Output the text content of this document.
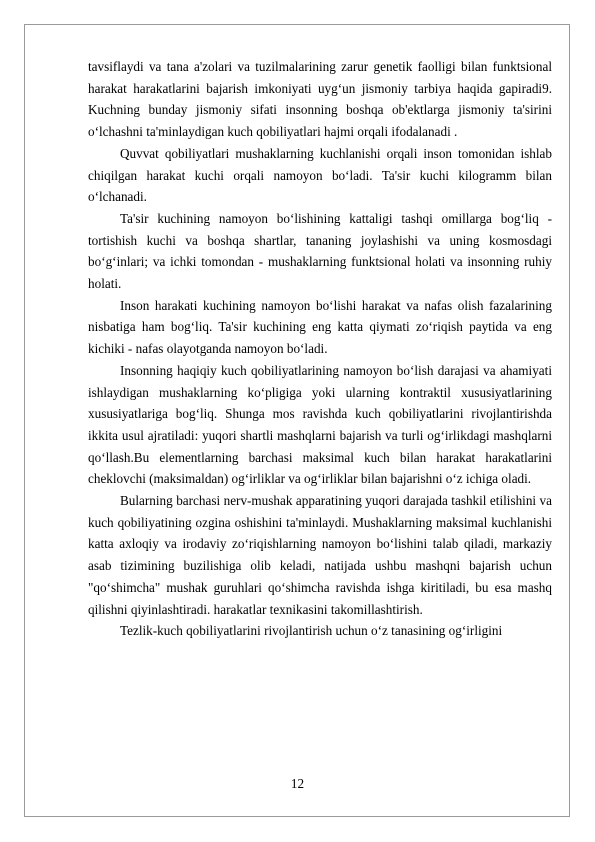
tavsiflaydi va tana a'zolari va tuzilmalarining zarur genetik faolligi bilan funktsional harakat harakatlarini bajarish imkoniyati uyg‘un jismoniy tarbiya haqida gapiradi9. Kuchning bunday jismoniy sifati insonning boshqa ob'ektlarga jismoniy ta'sirini o‘lchashni ta'minlaydigan kuch qobiliyatlari hajmi orqali ifodalanadi .

Quvvat qobiliyatlari mushaklarning kuchlanishi orqali inson tomonidan ishlab chiqilgan harakat kuchi orqali namoyon bo‘ladi. Ta'sir kuchi kilogramm bilan o‘lchanadi.

Ta'sir kuchining namoyon bo‘lishining kattaligi tashqi omillarga bog‘liq - tortishish kuchi va boshqa shartlar, tananing joylashishi va uning kosmosdagi bo‘g‘inlari; va ichki tomondan - mushaklarning funktsional holati va insonning ruhiy holati.

Inson harakati kuchining namoyon bo‘lishi harakat va nafas olish fazalarining nisbatiga ham bog‘liq. Ta'sir kuchining eng katta qiymati zo‘riqish paytida va eng kichiki - nafas olayotganda namoyon bo‘ladi.

Insonning haqiqiy kuch qobiliyatlarining namoyon bo‘lish darajasi va ahamiyati ishlaydigan mushaklarning ko‘pligiga yoki ularning kontraktil xususiyatlarining xususiyatlariga bog‘liq. Shunga mos ravishda kuch qobiliyatlarini rivojlantirishda ikkita usul ajratiladi: yuqori shartli mashqlarni bajarish va turli og‘irlikdagi mashqlarni qo‘llash.Bu elementlarning barchasi maksimal kuch bilan harakat harakatlarini cheklovchi (maksimaldan) og‘irliklar va og‘irliklar bilan bajarishni o‘z ichiga oladi.

Bularning barchasi nerv-mushak apparatining yuqori darajada tashkil etilishini va kuch qobiliyatining ozgina oshishini ta'minlaydi. Mushaklarning maksimal kuchlanishi katta axloqiy va irodaviy zo‘riqishlarning namoyon bo‘lishini talab qiladi, markaziy asab tizimining buzilishiga olib keladi, natijada ushbu mashqni bajarish uchun "qo‘shimcha" mushak guruhlari qo‘shimcha ravishda ishga kiritiladi, bu esa mashq qilishni qiyinlashtiradi. harakatlar texnikasini takomillashtirish.

Tezlik-kuch qobiliyatlarini rivojlantirish uchun o‘z tanasining og‘irligini

12
